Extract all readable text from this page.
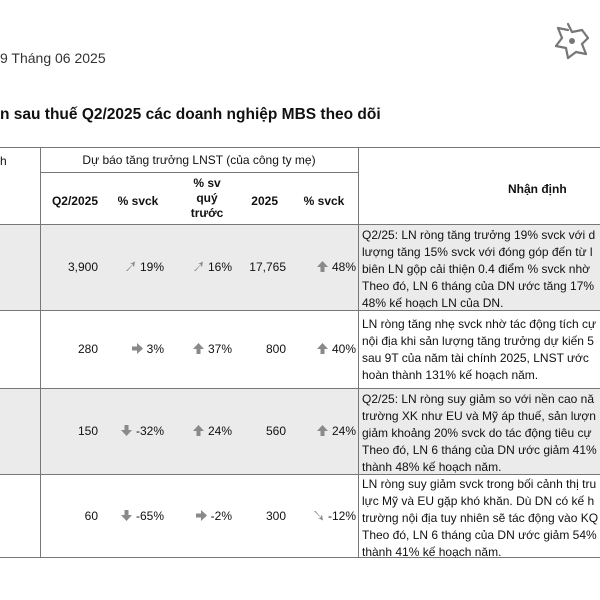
9 Tháng 06 2025
n sau thuế Q2/2025 các doanh nghiệp MBS theo dõi
h	Dự báo tăng trưởng LNST (của công ty mẹ)
Q2/2025	% svck
% sv
quý
trước
2025	% svck
Nhận định
3,900	19%	16%	17,765	48%
Q2/25: LN ròng tăng trưởng 19% svck với d
lượng tăng 15% svck với đóng góp đến từ l
biên LN gộp cải thiện 0.4 điểm % svck nhờ
Theo đó, LN 6 tháng của DN ước tăng 17%
48% kế hoạch LN của DN.
280	3%	37%	800	40%
LN ròng tăng nhẹ svck nhờ tác động tích cự
nội địa khi sản lượng tăng trưởng dự kiến 5
sau 9T của năm tài chính 2025, LNST ước
hoàn thành 131% kế hoạch năm.
150	-32%	24%	560	24%
Q2/25: LN ròng suy giảm so với nền cao nă
trường XK như EU và Mỹ áp thuế, sản lượn
giảm khoảng 20% svck do tác động tiêu cự
Theo đó, LN 6 tháng của DN ước giảm 41%
thành 48% kế hoạch năm.
60	-65%	-2%	300	-12%
LN ròng suy giảm svck trong bối cảnh thị tru
lực Mỹ và EU gặp khó khăn. Dù DN có kế h
trường nội địa tuy nhiên sẽ tác động vào KQ
Theo đó, LN 6 tháng của DN ước giảm 54%
thành 41% kế hoạch năm.
